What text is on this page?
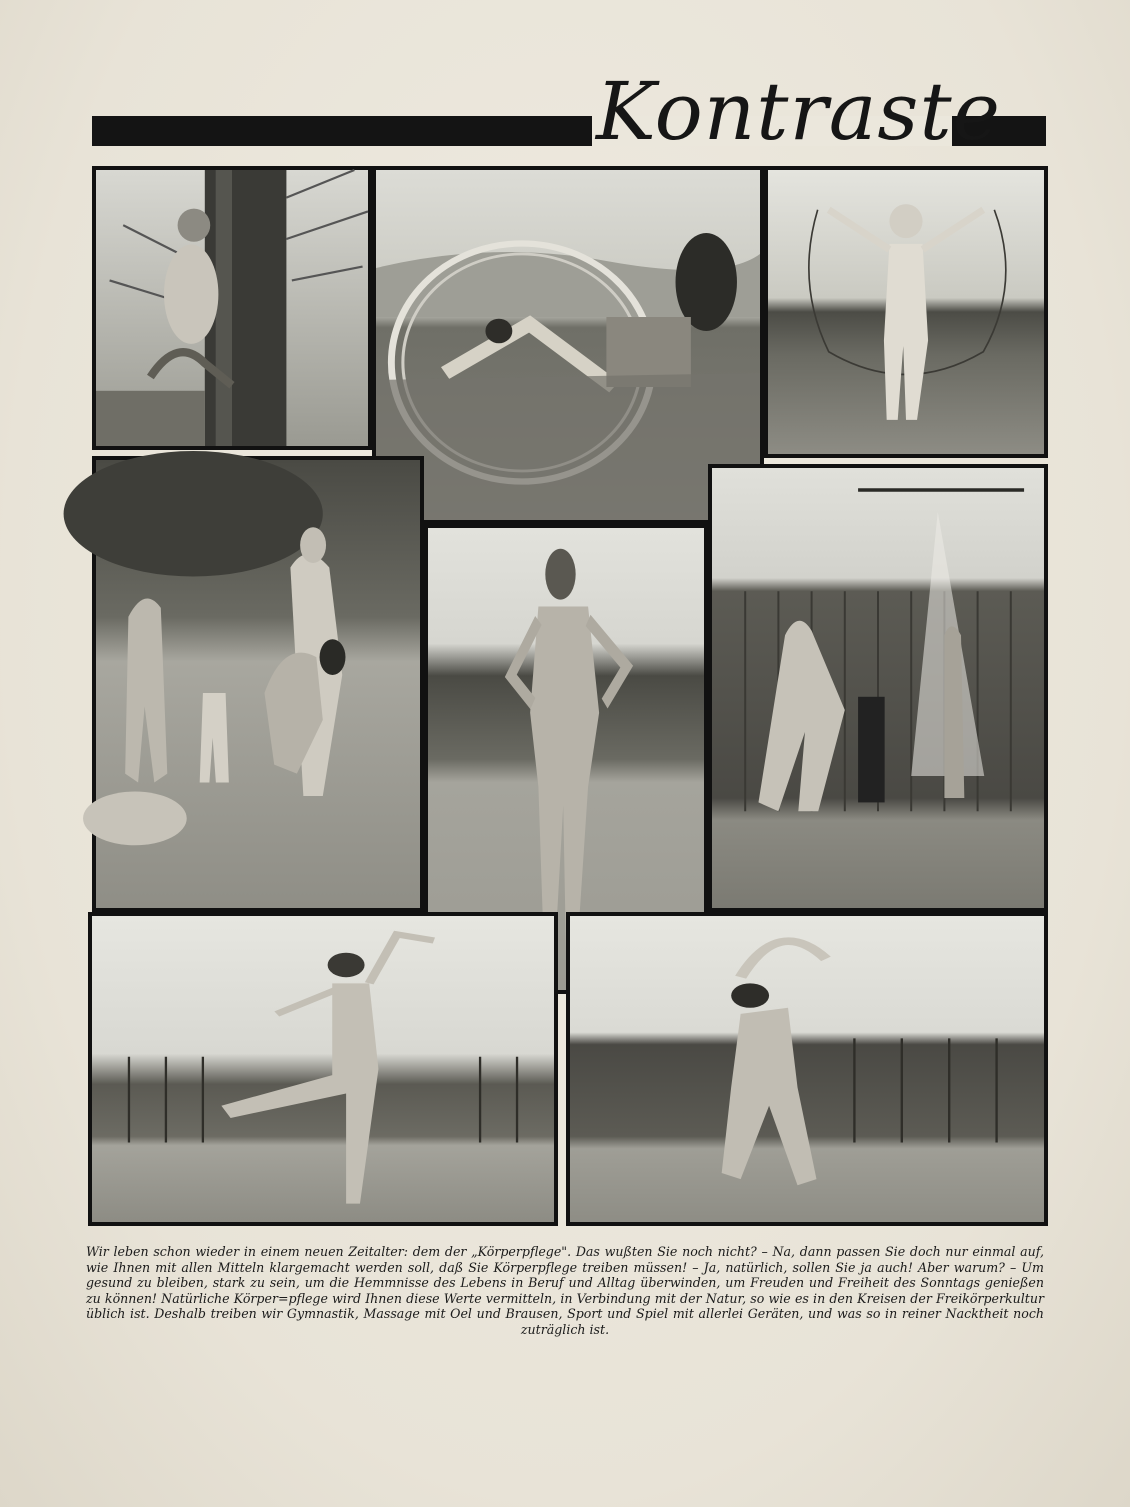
Kontraste

Wir leben schon wieder in einem neuen Zeitalter: dem der „Körperpflege". Das wußten Sie noch nicht? – Na, dann passen Sie doch nur einmal auf, wie Ihnen mit allen Mitteln klargemacht werden soll, daß Sie Körperpflege treiben müssen! – Ja, natürlich, sollen Sie ja auch! Aber warum? – Um gesund zu bleiben, stark zu sein, um die Hemmnisse des Lebens in Beruf und Alltag überwinden, um Freuden und Freiheit des Sonntags genießen zu können! Natürliche Körper=pflege wird Ihnen diese Werte vermitteln, in Verbindung mit der Natur, so wie es in den Kreisen der Freikörperkultur üblich ist. Deshalb treiben wir Gymnastik, Massage mit Oel und Brausen, Sport und Spiel mit allerlei Geräten, und was so in reiner Nacktheit noch zuträglich ist.
